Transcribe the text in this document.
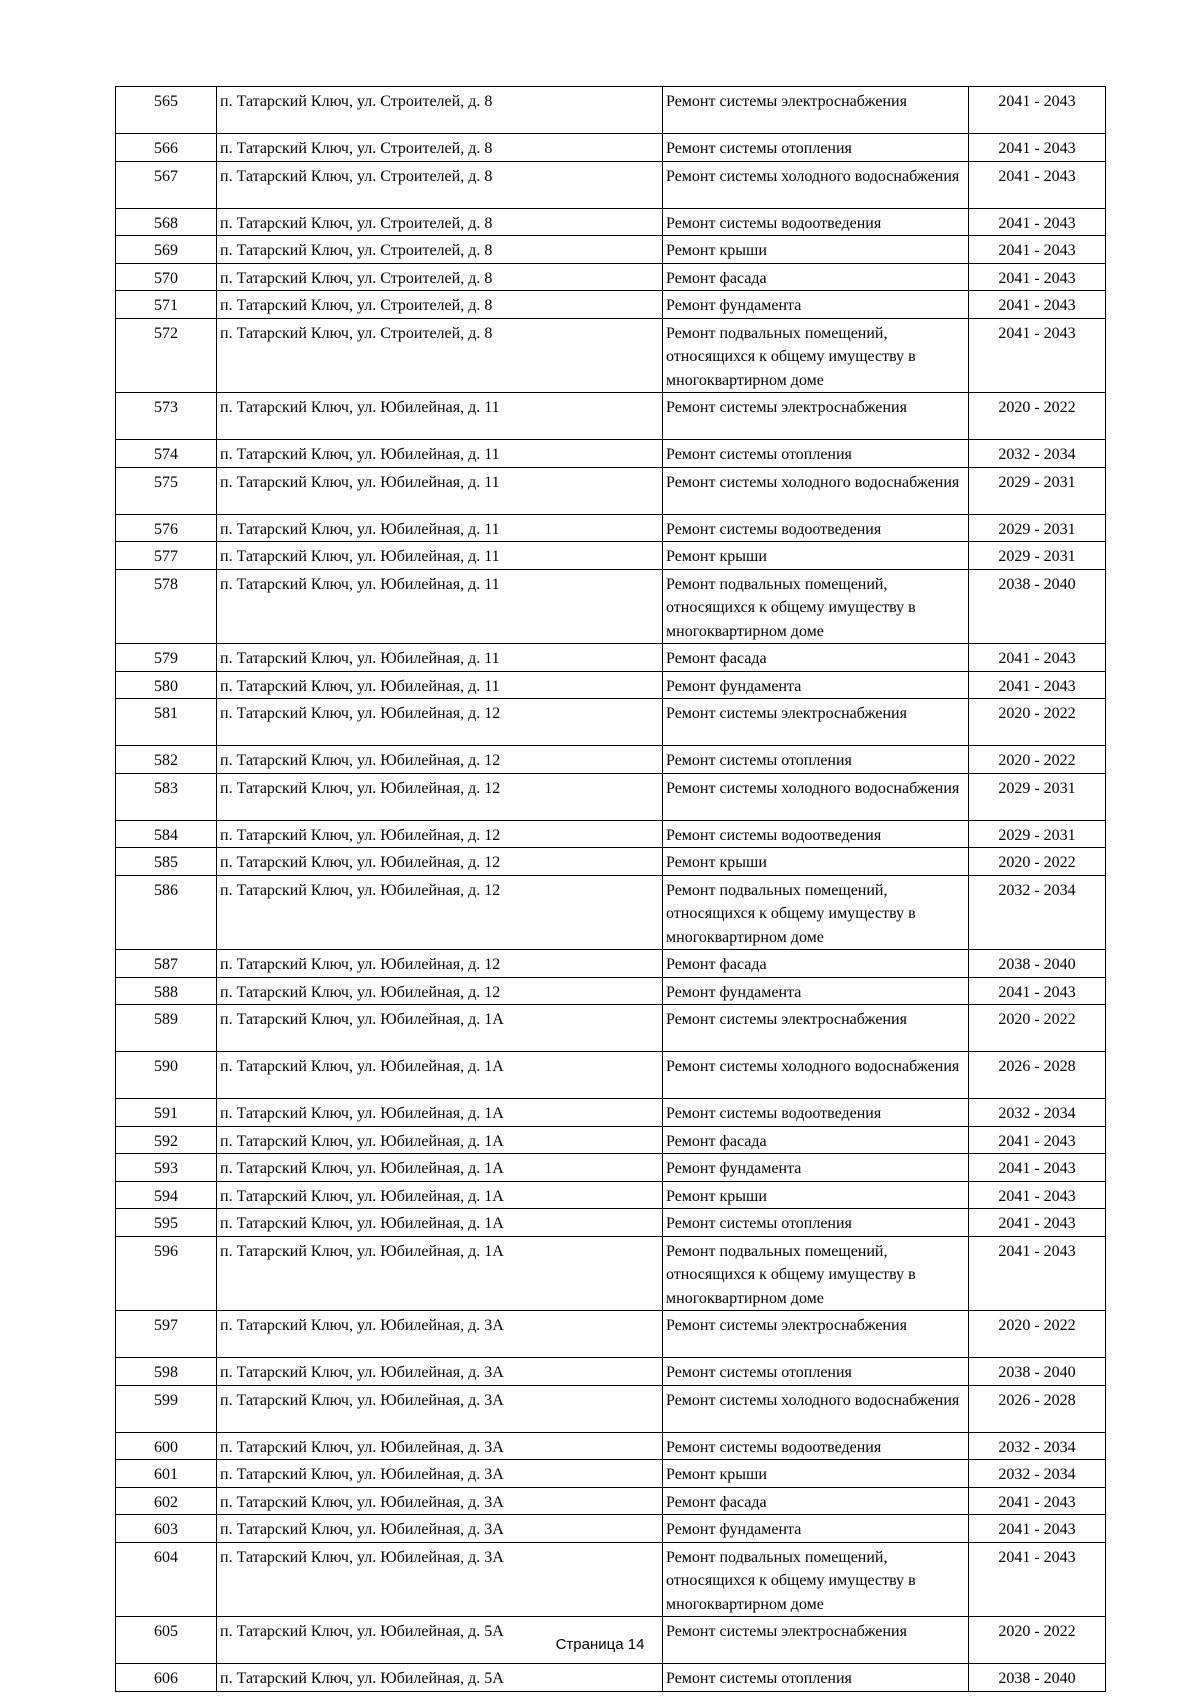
565	п. Татарский Ключ, ул. Строителей, д. 8	Ремонт системы электроснабжения	2041 - 2043
566	п. Татарский Ключ, ул. Строителей, д. 8	Ремонт системы отопления	2041 - 2043
567	п. Татарский Ключ, ул. Строителей, д. 8	Ремонт системы холодного водоснабжения	2041 - 2043
568	п. Татарский Ключ, ул. Строителей, д. 8	Ремонт системы водоотведения	2041 - 2043
569	п. Татарский Ключ, ул. Строителей, д. 8	Ремонт крыши	2041 - 2043
570	п. Татарский Ключ, ул. Строителей, д. 8	Ремонт фасада	2041 - 2043
571	п. Татарский Ключ, ул. Строителей, д. 8	Ремонт фундамента	2041 - 2043
572	п. Татарский Ключ, ул. Строителей, д. 8	Ремонт подвальных помещений, относящихся к общему имуществу в многоквартирном доме	2041 - 2043
573	п. Татарский Ключ, ул. Юбилейная, д. 11	Ремонт системы электроснабжения	2020 - 2022
574	п. Татарский Ключ, ул. Юбилейная, д. 11	Ремонт системы отопления	2032 - 2034
575	п. Татарский Ключ, ул. Юбилейная, д. 11	Ремонт системы холодного водоснабжения	2029 - 2031
576	п. Татарский Ключ, ул. Юбилейная, д. 11	Ремонт системы водоотведения	2029 - 2031
577	п. Татарский Ключ, ул. Юбилейная, д. 11	Ремонт крыши	2029 - 2031
578	п. Татарский Ключ, ул. Юбилейная, д. 11	Ремонт подвальных помещений, относящихся к общему имуществу в многоквартирном доме	2038 - 2040
579	п. Татарский Ключ, ул. Юбилейная, д. 11	Ремонт фасада	2041 - 2043
580	п. Татарский Ключ, ул. Юбилейная, д. 11	Ремонт фундамента	2041 - 2043
581	п. Татарский Ключ, ул. Юбилейная, д. 12	Ремонт системы электроснабжения	2020 - 2022
582	п. Татарский Ключ, ул. Юбилейная, д. 12	Ремонт системы отопления	2020 - 2022
583	п. Татарский Ключ, ул. Юбилейная, д. 12	Ремонт системы холодного водоснабжения	2029 - 2031
584	п. Татарский Ключ, ул. Юбилейная, д. 12	Ремонт системы водоотведения	2029 - 2031
585	п. Татарский Ключ, ул. Юбилейная, д. 12	Ремонт крыши	2020 - 2022
586	п. Татарский Ключ, ул. Юбилейная, д. 12	Ремонт подвальных помещений, относящихся к общему имуществу в многоквартирном доме	2032 - 2034
587	п. Татарский Ключ, ул. Юбилейная, д. 12	Ремонт фасада	2038 - 2040
588	п. Татарский Ключ, ул. Юбилейная, д. 12	Ремонт фундамента	2041 - 2043
589	п. Татарский Ключ, ул. Юбилейная, д. 1А	Ремонт системы электроснабжения	2020 - 2022
590	п. Татарский Ключ, ул. Юбилейная, д. 1А	Ремонт системы холодного водоснабжения	2026 - 2028
591	п. Татарский Ключ, ул. Юбилейная, д. 1А	Ремонт системы водоотведения	2032 - 2034
592	п. Татарский Ключ, ул. Юбилейная, д. 1А	Ремонт фасада	2041 - 2043
593	п. Татарский Ключ, ул. Юбилейная, д. 1А	Ремонт фундамента	2041 - 2043
594	п. Татарский Ключ, ул. Юбилейная, д. 1А	Ремонт крыши	2041 - 2043
595	п. Татарский Ключ, ул. Юбилейная, д. 1А	Ремонт системы отопления	2041 - 2043
596	п. Татарский Ключ, ул. Юбилейная, д. 1А	Ремонт подвальных помещений, относящихся к общему имуществу в многоквартирном доме	2041 - 2043
597	п. Татарский Ключ, ул. Юбилейная, д. 3А	Ремонт системы электроснабжения	2020 - 2022
598	п. Татарский Ключ, ул. Юбилейная, д. 3А	Ремонт системы отопления	2038 - 2040
599	п. Татарский Ключ, ул. Юбилейная, д. 3А	Ремонт системы холодного водоснабжения	2026 - 2028
600	п. Татарский Ключ, ул. Юбилейная, д. 3А	Ремонт системы водоотведения	2032 - 2034
601	п. Татарский Ключ, ул. Юбилейная, д. 3А	Ремонт крыши	2032 - 2034
602	п. Татарский Ключ, ул. Юбилейная, д. 3А	Ремонт фасада	2041 - 2043
603	п. Татарский Ключ, ул. Юбилейная, д. 3А	Ремонт фундамента	2041 - 2043
604	п. Татарский Ключ, ул. Юбилейная, д. 3А	Ремонт подвальных помещений, относящихся к общему имуществу в многоквартирном доме	2041 - 2043
605	п. Татарский Ключ, ул. Юбилейная, д. 5А	Ремонт системы электроснабжения	2020 - 2022
606	п. Татарский Ключ, ул. Юбилейная, д. 5А	Ремонт системы отопления	2038 - 2040
Страница 14
